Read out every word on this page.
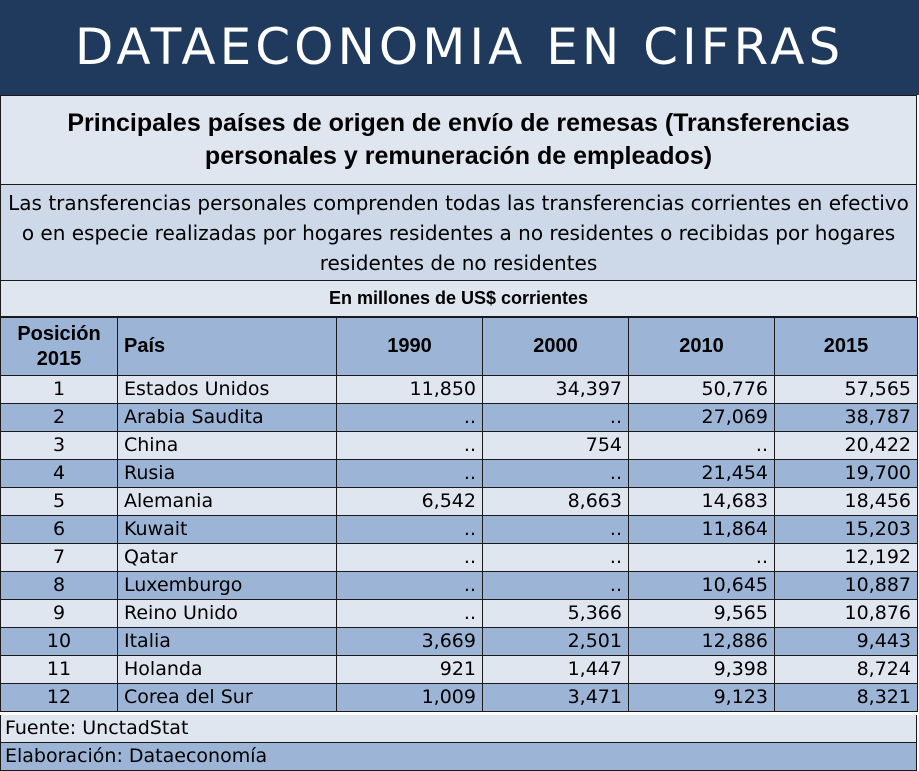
DATAECONOMIA EN CIFRAS
Principales países de origen de envío de remesas (Transferencias personales y remuneración de empleados)
Las transferencias personales comprenden todas las transferencias corrientes en efectivo o en especie realizadas por hogares residentes a no residentes o recibidas por hogares residentes de no residentes
En millones de US$ corrientes
Posición 2015	País	1990	2000	2010	2015
1	Estados Unidos	11,850	34,397	50,776	57,565
2	Arabia Saudita	..	..	27,069	38,787
3	China	..	754	..	20,422
4	Rusia	..	..	21,454	19,700
5	Alemania	6,542	8,663	14,683	18,456
6	Kuwait	..	..	11,864	15,203
7	Qatar	..	..	..	12,192
8	Luxemburgo	..	..	10,645	10,887
9	Reino Unido	..	5,366	9,565	10,876
10	Italia	3,669	2,501	12,886	9,443
11	Holanda	921	1,447	9,398	8,724
12	Corea del Sur	1,009	3,471	9,123	8,321
Fuente: UnctadStat
Elaboración: Dataeconomía
